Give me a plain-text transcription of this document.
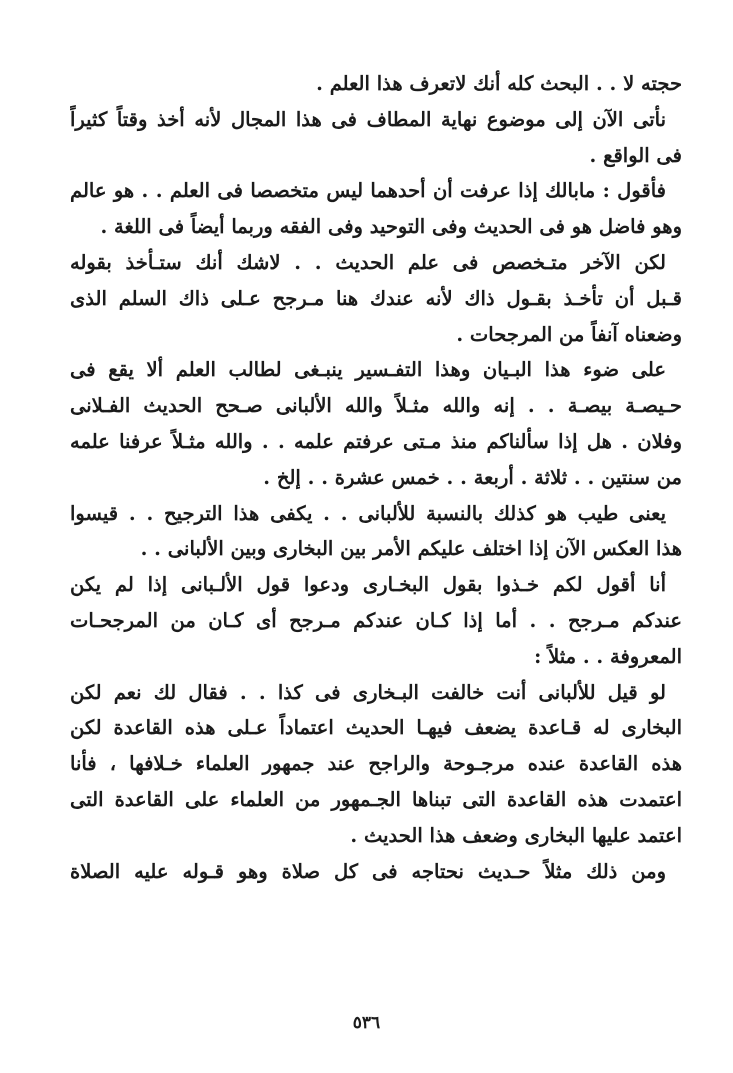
حجته لا . . البحث كله أنك لاتعرف هذا العلم .
نأتى الآن إلى موضوع نهاية المطاف فى هذا المجال لأنه أخذ وقتاً كثيراً
فى الواقع .
فأقول : مابالك إذا عرفت أن أحدهما ليس متخصصا فى العلم . . هو عالم
وهو فاضل هو فى الحديث وفى التوحيد وفى الفقه وربما أيضاً فى اللغة .
لكن الآخر متـخصص فى علم الحديث . . لاشك أنك ستـأخذ بقوله
قـبل أن تأخـذ بقـول ذاك لأنه عندك هنا مـرجح عـلى ذاك السلم الذى
وضعناه آنفاً من المرجحات .
على ضوء هذا البـيان وهذا التفـسير ينبـغى لطالب العلم ألا يقع فى
حـيصـة بيصـة . . إنه والله مثـلاً والله الألبانى صـحح الحديث الفـلانى
وفلان . هل إذا سألناكم منذ مـتى عرفتم علمه . . والله مثـلاً عرفنا علمه
من سنتين . . ثلاثة . أربعة . . خمس عشرة . . إلخ .
يعنى طيب هو كذلك بالنسبة للألبانى . . يكفى هذا الترجيح . . قيسوا
هذا العكس الآن إذا اختلف عليكم الأمر بين البخارى وبين الألبانى . .
أنا أقول لكم خـذوا بقول البخـارى ودعوا قول الألـبانى إذا لم يكن
عندكم مـرجح . . أما إذا كـان عندكم مـرجح أى كـان من المرجحـات
المعروفة . . مثلاً :
لو قيل للألبانى أنت خالفت البـخارى فى كذا . . فقال لك نعم لكن
البخارى له قـاعدة يضعف فيهـا الحديث اعتماداً عـلى هذه القاعدة لكن
هذه القاعدة عنده مرجـوحة والراجح عند جمهور العلماء خـلافها ، فأنا
اعتمدت هذه القاعدة التى تبناها الجـمهور من العلماء على القاعدة التى
اعتمد عليها البخارى وضعف هذا الحديث .
ومن ذلك مثلاً حـديث نحتاجه فى كل صلاة وهو قـوله عليه الصلاة
٥٣٦
